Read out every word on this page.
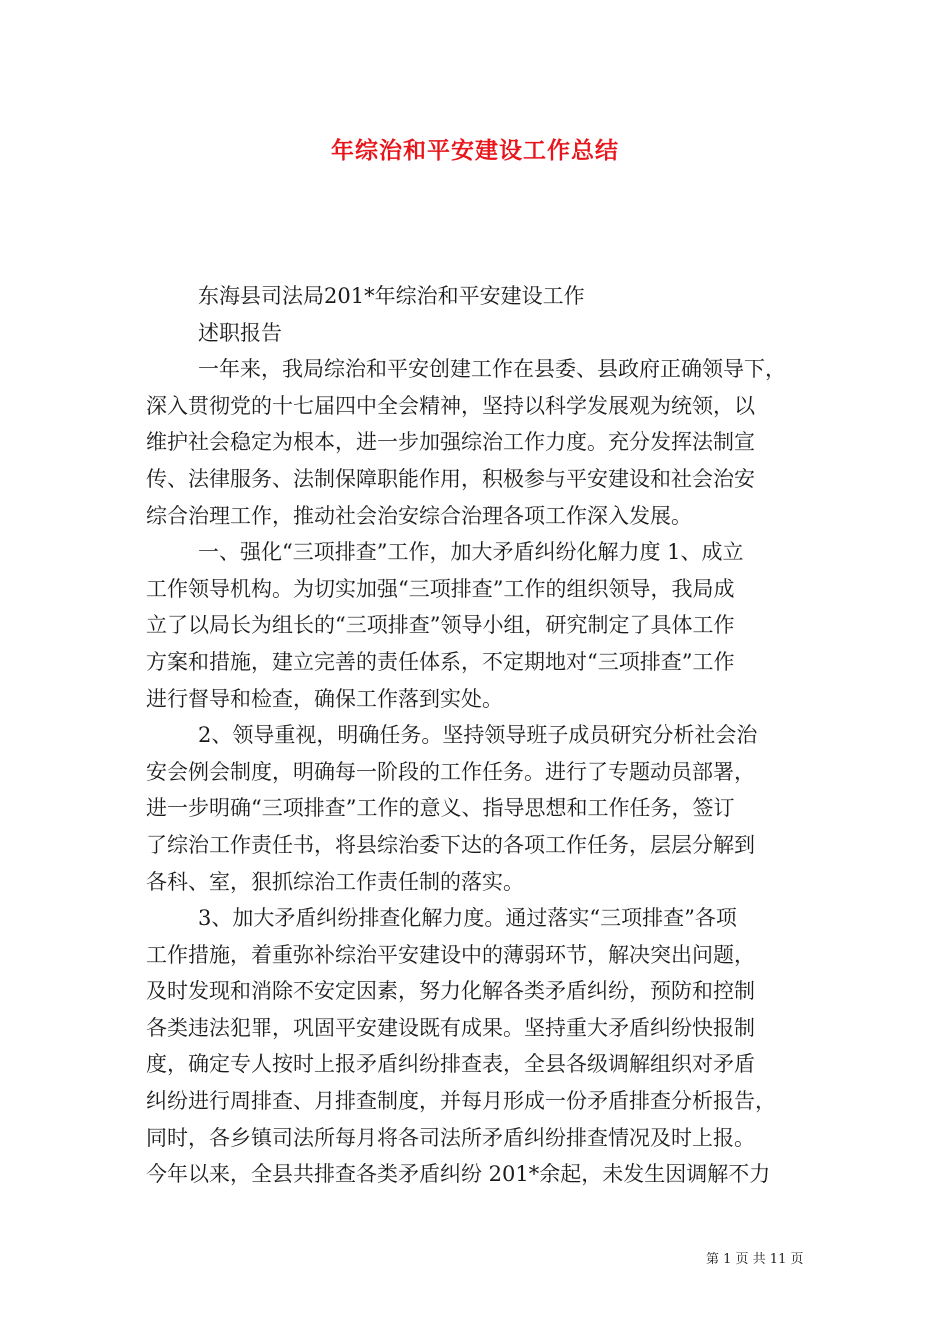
年综治和平安建设工作总结
东海县司法局201*年综治和平安建设工作
述职报告
一年来，我局综治和平安创建工作在县委、县政府正确领导下，
深入贯彻党的十七届四中全会精神，坚持以科学发展观为统领，以
维护社会稳定为根本，进一步加强综治工作力度。充分发挥法制宣
传、法律服务、法制保障职能作用，积极参与平安建设和社会治安
综合治理工作，推动社会治安综合治理各项工作深入发展。
一、强化“三项排查”工作，加大矛盾纠纷化解力度 1、成立
工作领导机构。为切实加强“三项排查”工作的组织领导，我局成
立了以局长为组长的“三项排查”领导小组，研究制定了具体工作
方案和措施，建立完善的责任体系，不定期地对“三项排查”工作
进行督导和检查，确保工作落到实处。
2、领导重视，明确任务。坚持领导班子成员研究分析社会治
安会例会制度，明确每一阶段的工作任务。进行了专题动员部署，
进一步明确“三项排查”工作的意义、指导思想和工作任务，签订
了综治工作责任书，将县综治委下达的各项工作任务，层层分解到
各科、室，狠抓综治工作责任制的落实。
3、加大矛盾纠纷排查化解力度。通过落实“三项排查”各项
工作措施，着重弥补综治平安建设中的薄弱环节，解决突出问题，
及时发现和消除不安定因素，努力化解各类矛盾纠纷，预防和控制
各类违法犯罪，巩固平安建设既有成果。坚持重大矛盾纠纷快报制
度，确定专人按时上报矛盾纠纷排查表，全县各级调解组织对矛盾
纠纷进行周排查、月排查制度，并每月形成一份矛盾排查分析报告，
同时，各乡镇司法所每月将各司法所矛盾纠纷排查情况及时上报。
今年以来，全县共排查各类矛盾纠纷 201*余起，未发生因调解不力
第 1 页 共 11 页
